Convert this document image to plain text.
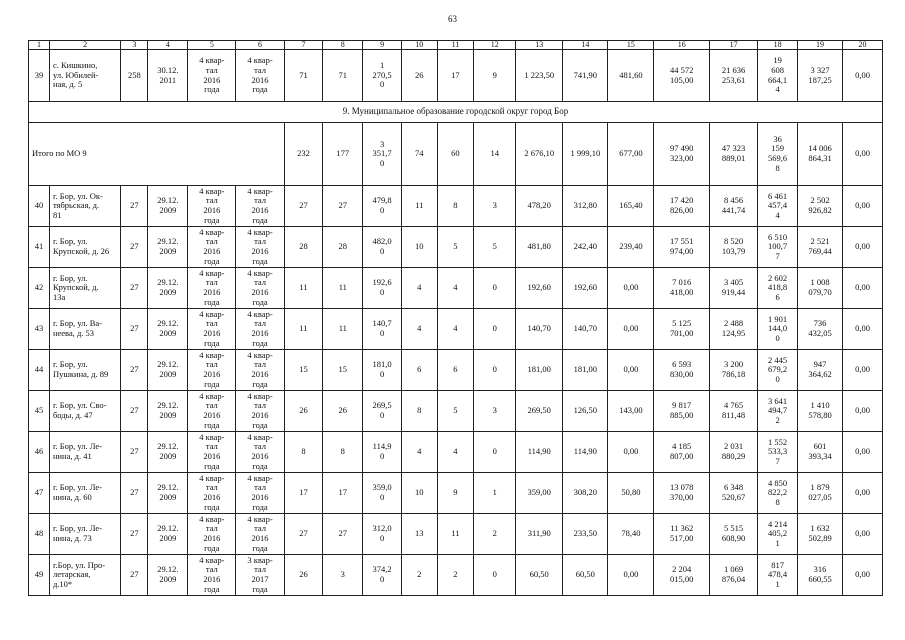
63
1	2	3	4	5	6	7	8	9	10	11	12	13	14	15	16	17	18	19	20
39	с. Кишкино,
ул. Юбилей-
ная, д. 5	258	30.12.
2011	4 квар-
тал
2016
года	4 квар-
тал
2016
года	71	71	1
270,5
0	26	17	9	1 223,50	741,90	481,60	44 572
105,00	21 636
253,61	19
608
664,1
4	3 327
187,25	0,00
9. Муниципальное образование городской округ город Бор																			
Итого по МО 9						232	177	3
351,7
0	74	60	14	2 676,10	1 999,10	677,00	97 490
323,00	47 323
889,01	36
159
569,6
8	14 006
864,31	0,00
40	г. Бор, ул. Ок-
тябрьская, д.
81	27	29.12.
2009	4 квар-
тал
2016
года	4 квар-
тал
2016
года	27	27	479,8
0	11	8	3	478,20	312,80	165,40	17 420
826,00	8 456
441,74	6 461
457,4
4	2 502
926,82	0,00
41	г. Бор, ул.
Крупской, д. 26	27	29.12.
2009	4 квар-
тал
2016
года	4 квар-
тал
2016
года	28	28	482,0
0	10	5	5	481,80	242,40	239,40	17 551
974,00	8 520
103,79	6 510
100,7
7	2 521
769,44	0,00
42	г. Бор, ул.
Крупской, д.
13а	27	29.12.
2009	4 квар-
тал
2016
года	4 квар-
тал
2016
года	11	11	192,6
0	4	4	0	192,60	192,60	0,00	7 016
418,00	3 405
919,44	2 602
418,8
6	1 008
079,70	0,00
43	г. Бор, ул. Ва-
неева, д. 53	27	29.12.
2009	4 квар-
тал
2016
года	4 квар-
тал
2016
года	11	11	140,7
0	4	4	0	140,70	140,70	0,00	5 125
701,00	2 488
124,95	1 901
144,0
0	736
432,05	0,00
44	г. Бор, ул.
Пушкина, д. 89	27	29.12.
2009	4 квар-
тал
2016
года	4 квар-
тал
2016
года	15	15	181,0
0	6	6	0	181,00	181,00	0,00	6 593
830,00	3 200
786,18	2 445
679,2
0	947
364,62	0,00
45	г. Бор, ул. Сво-
боды, д. 47	27	29.12.
2009	4 квар-
тал
2016
года	4 квар-
тал
2016
года	26	26	269,5
0	8	5	3	269,50	126,50	143,00	9 817
885,00	4 765
811,48	3 641
494,7
2	1 410
578,80	0,00
46	г. Бор, ул. Ле-
нина, д. 41	27	29.12.
2009	4 квар-
тал
2016
года	4 квар-
тал
2016
года	8	8	114,9
0	4	4	0	114,90	114,90	0,00	4 185
807,00	2 031
880,29	1 552
533,3
7	601
393,34	0,00
47	г. Бор, ул. Ле-
нина, д. 60	27	29.12.
2009	4 квар-
тал
2016
года	4 квар-
тал
2016
года	17	17	359,0
0	10	9	1	359,00	308,20	50,80	13 078
370,00	6 348
520,67	4 850
822,2
8	1 879
027,05	0,00
48	г. Бор, ул. Ле-
нина, д. 73	27	29.12.
2009	4 квар-
тал
2016
года	4 квар-
тал
2016
года	27	27	312,0
0	13	11	2	311,90	233,50	78,40	11 362
517,00	5 515
608,90	4 214
405,2
1	1 632
502,89	0,00
49	г.Бор, ул. Про-
летарская,
д.10*	27	29.12.
2009	4 квар-
тал
2016
года	3 квар-
тал
2017
года	26	3	374,2
0	2	2	0	60,50	60,50	0,00	2 204
015,00	1 069
876,04	817
478,4
1	316
660,55	0,00
